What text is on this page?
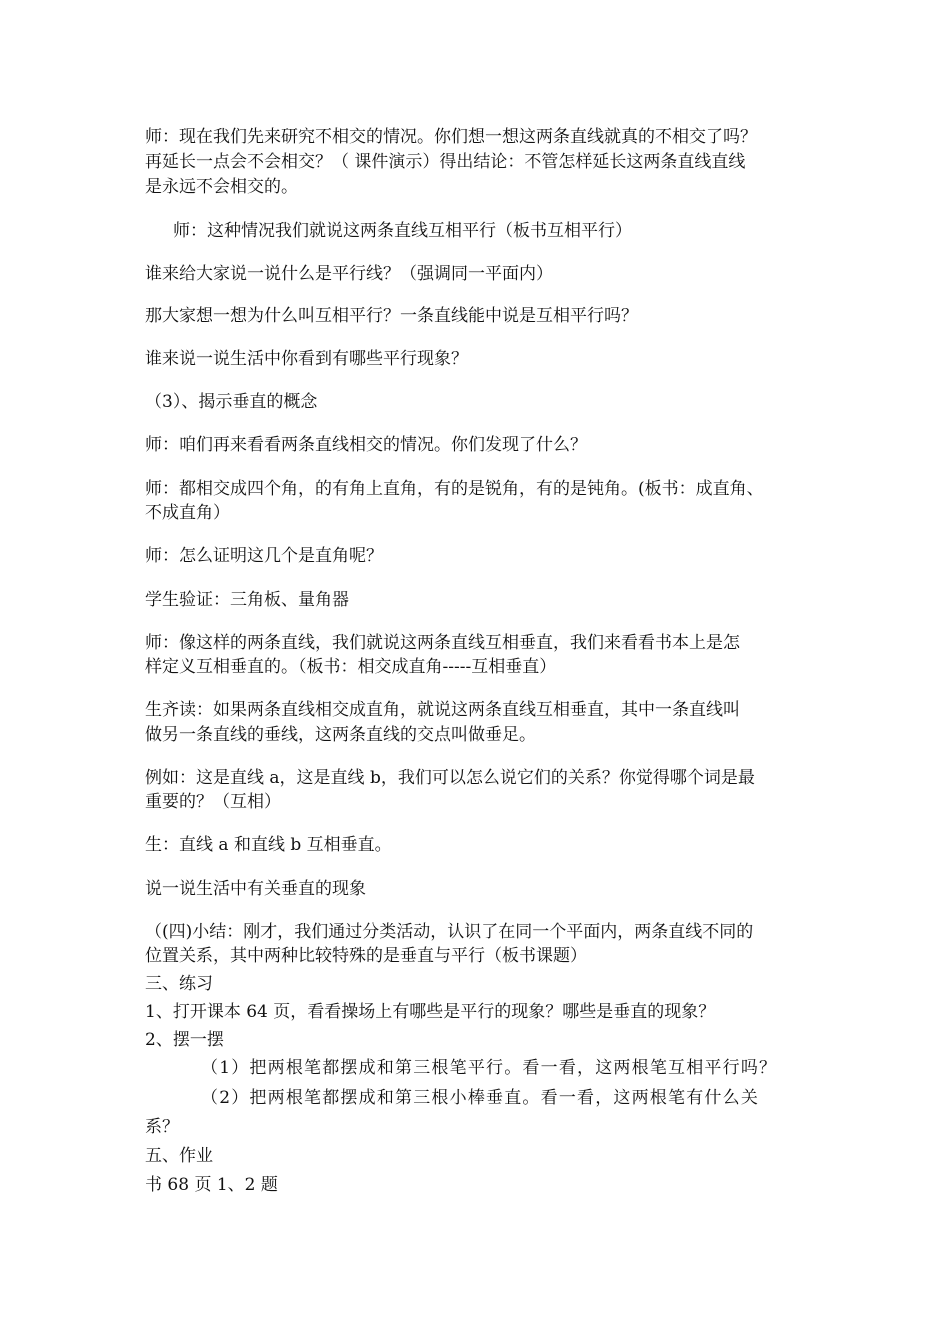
师：现在我们先来研究不相交的情况。你们想一想这两条直线就真的不相交了吗？
再延长一点会不会相交？（ 课件演示）得出结论：不管怎样延长这两条直线直线
是永远不会相交的。
师：这种情况我们就说这两条直线互相平行（板书互相平行）
谁来给大家说一说什么是平行线？（强调同一平面内）
那大家想一想为什么叫互相平行？一条直线能中说是互相平行吗？
谁来说一说生活中你看到有哪些平行现象？
（3）、揭示垂直的概念
师：咱们再来看看两条直线相交的情况。你们发现了什么？
师：都相交成四个角，的有角上直角，有的是锐角，有的是钝角。(板书：成直角、
不成直角）
师：怎么证明这几个是直角呢？
学生验证：三角板、量角器
师：像这样的两条直线，我们就说这两条直线互相垂直，我们来看看书本上是怎
样定义互相垂直的。（板书：相交成直角-----互相垂直）
生齐读：如果两条直线相交成直角，就说这两条直线互相垂直，其中一条直线叫
做另一条直线的垂线，这两条直线的交点叫做垂足。
例如：这是直线 a，这是直线 b，我们可以怎么说它们的关系？你觉得哪个词是最
重要的？（互相）
生：直线 a 和直线 b 互相垂直。
说一说生活中有关垂直的现象
（(四)小结：刚才，我们通过分类活动，认识了在同一个平面内，两条直线不同的
位置关系，其中两种比较特殊的是垂直与平行（板书课题）
三、练习
1、打开课本 64 页，看看操场上有哪些是平行的现象？哪些是垂直的现象？
2、摆一摆
（1）把两根笔都摆成和第三根笔平行。看一看，这两根笔互相平行吗？
（2）把两根笔都摆成和第三根小棒垂直。看一看，这两根笔有什么关
系？
五、作业
书 68 页 1、2 题
